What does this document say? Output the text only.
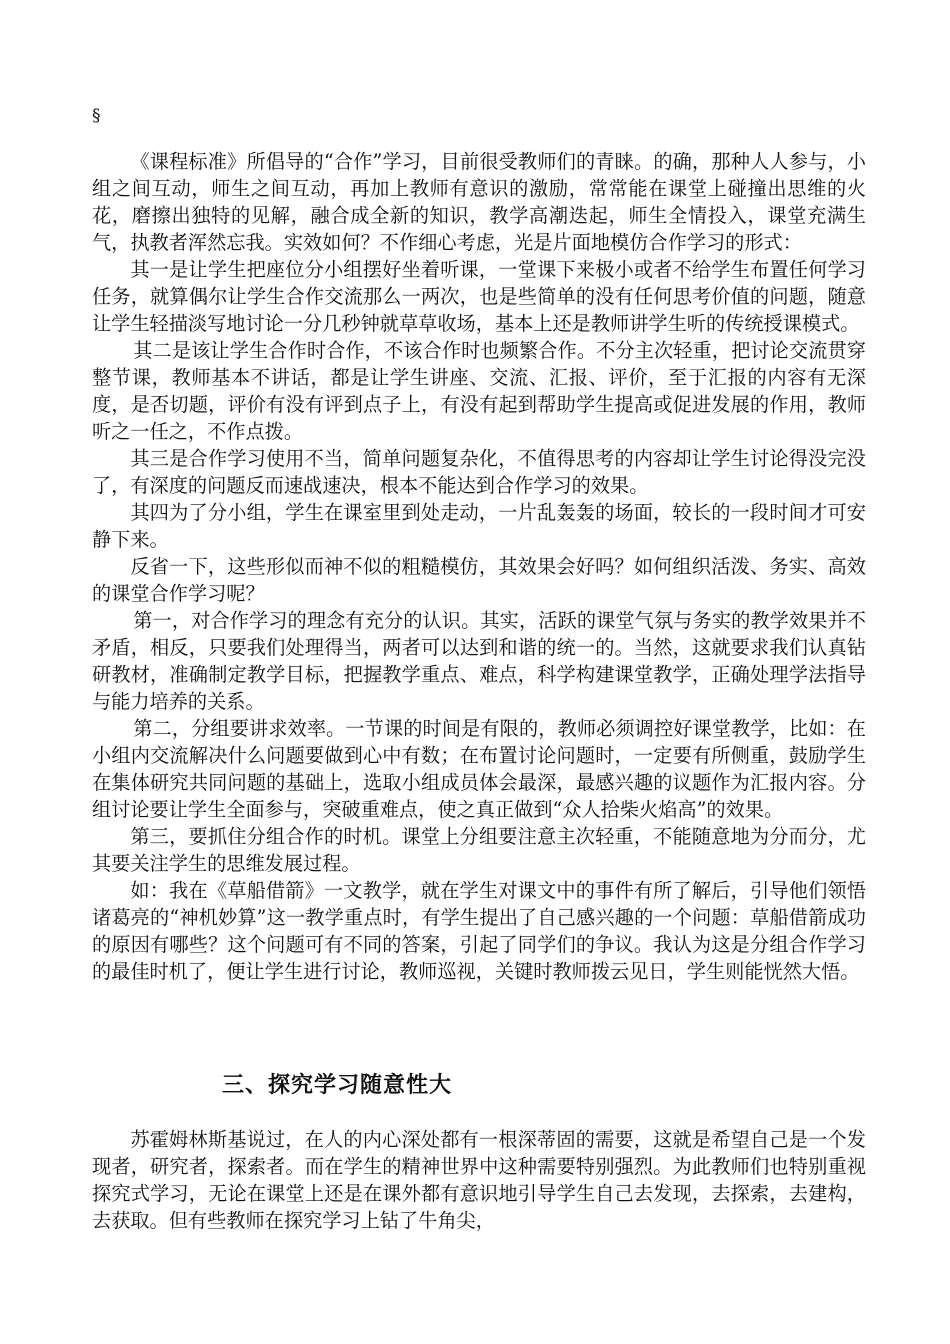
§

《课程标准》所倡导的“合作”学习，目前很受教师们的青睐。的确，那种人人参与，小组之间互动，师生之间互动，再加上教师有意识的激励，常常能在课堂上碰撞出思维的火花，磨擦出独特的见解，融合成全新的知识，教学高潮迭起，师生全情投入，课堂充满生气，执教者浑然忘我。实效如何？不作细心考虑，光是片面地模仿合作学习的形式：

其一是让学生把座位分小组摆好坐着听课，一堂课下来极小或者不给学生布置任何学习任务，就算偶尔让学生合作交流那么一两次，也是些简单的没有任何思考价值的问题，随意让学生轻描淡写地讨论一分几秒钟就草草收场，基本上还是教师讲学生听的传统授课模式。

其二是该让学生合作时合作，不该合作时也频繁合作。不分主次轻重，把讨论交流贯穿整节课，教师基本不讲话，都是让学生讲座、交流、汇报、评价，至于汇报的内容有无深度，是否切题，评价有没有评到点子上，有没有起到帮助学生提高或促进发展的作用，教师听之一任之，不作点拨。

其三是合作学习使用不当，简单问题复杂化，不值得思考的内容却让学生讨论得没完没了，有深度的问题反而速战速决，根本不能达到合作学习的效果。

其四为了分小组，学生在课室里到处走动，一片乱轰轰的场面，较长的一段时间才可安静下来。

反省一下，这些形似而神不似的粗糙模仿，其效果会好吗？如何组织活泼、务实、高效的课堂合作学习呢？

第一，对合作学习的理念有充分的认识。其实，活跃的课堂气氛与务实的教学效果并不矛盾，相反，只要我们处理得当，两者可以达到和谐的统一的。当然，这就要求我们认真钻研教材，准确制定教学目标，把握教学重点、难点，科学构建课堂教学，正确处理学法指导与能力培养的关系。

第二，分组要讲求效率。一节课的时间是有限的，教师必须调控好课堂教学，比如：在小组内交流解决什么问题要做到心中有数；在布置讨论问题时，一定要有所侧重，鼓励学生在集体研究共同问题的基础上，选取小组成员体会最深，最感兴趣的议题作为汇报内容。分组讨论要让学生全面参与，突破重难点，使之真正做到“众人拾柴火焰高”的效果。

第三，要抓住分组合作的时机。课堂上分组要注意主次轻重，不能随意地为分而分，尤其要关注学生的思维发展过程。

如：我在《草船借箭》一文教学，就在学生对课文中的事件有所了解后，引导他们领悟诸葛亮的“神机妙算”这一教学重点时，有学生提出了自己感兴趣的一个问题：草船借箭成功的原因有哪些？这个问题可有不同的答案，引起了同学们的争议。我认为这是分组合作学习的最佳时机了，便让学生进行讨论，教师巡视，关键时教师拨云见日，学生则能恍然大悟。

三、探究学习随意性大

苏霍姆林斯基说过，在人的内心深处都有一根深蒂固的需要，这就是希望自己是一个发现者，研究者，探索者。而在学生的精神世界中这种需要特别强烈。为此教师们也特别重视探究式学习，无论在课堂上还是在课外都有意识地引导学生自己去发现，去探索，去建构，去获取。但有些教师在探究学习上钻了牛角尖，
